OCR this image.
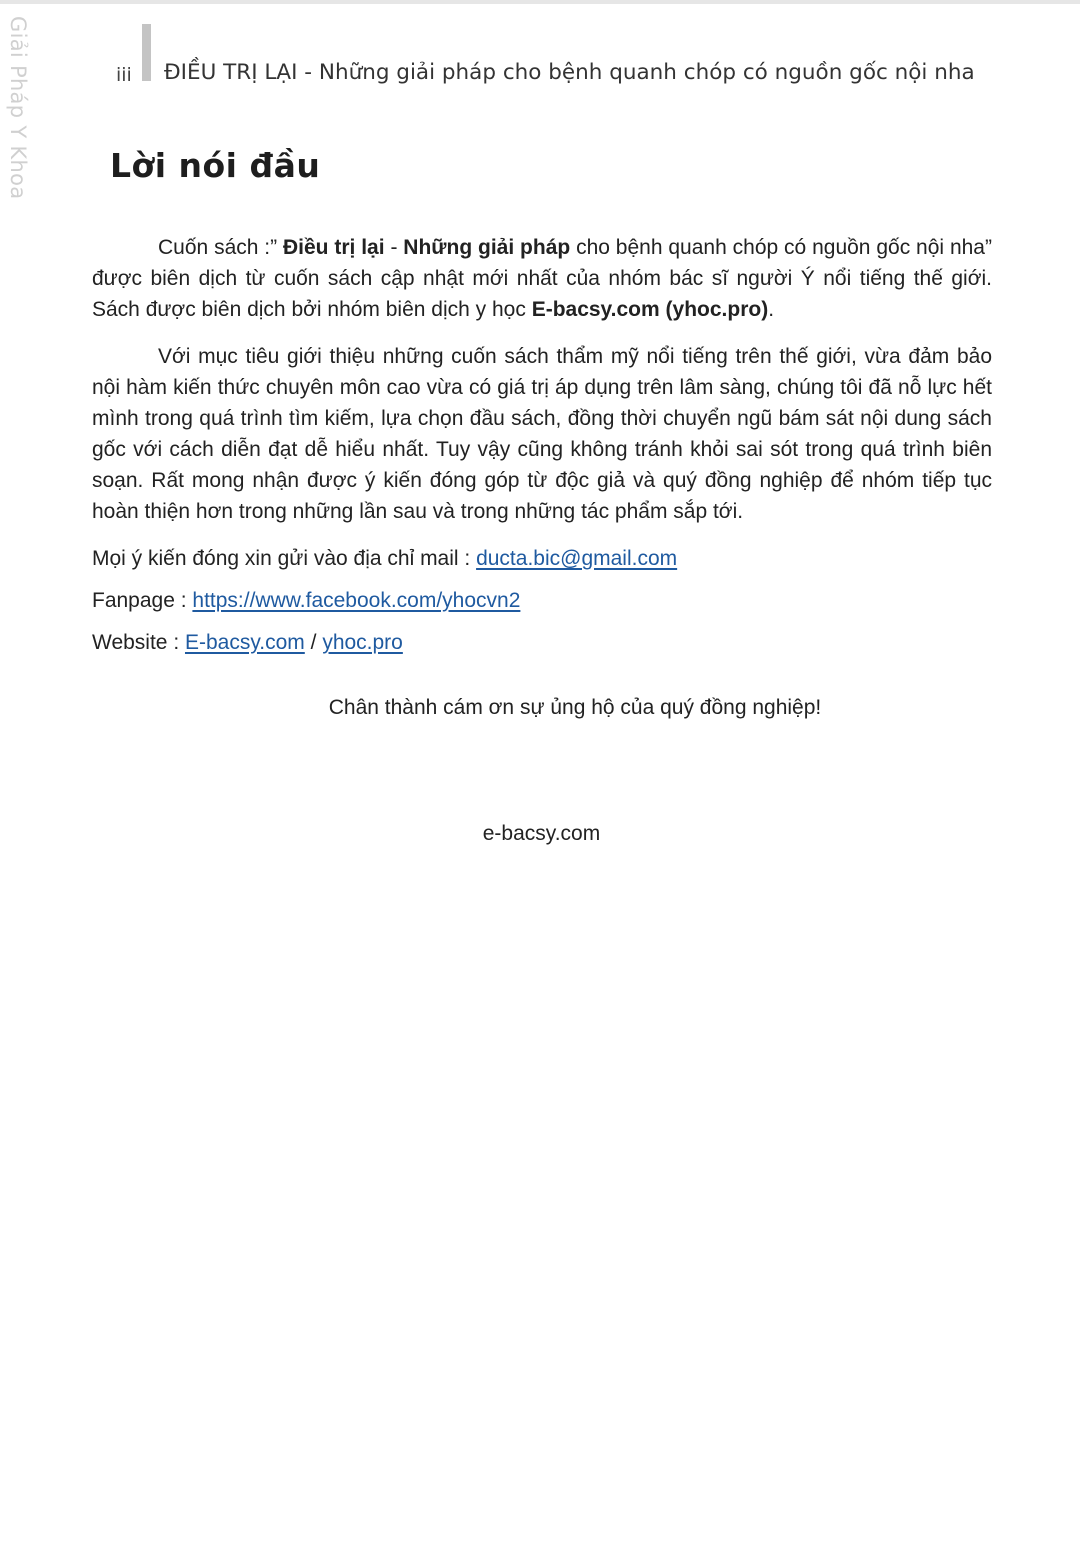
Giải Pháp Y Khoa	iii ĐIỀU TRỊ LẠI - Những giải pháp cho bệnh quanh chóp có nguồn gốc nội nha
Lời nói đầu

Cuốn sách :” Điều trị lại - Những giải pháp cho bệnh quanh chóp có nguồn gốc nội nha” được biên dịch từ cuốn sách cập nhật mới nhất của nhóm bác sĩ người Ý nổi tiếng thế giới. Sách được biên dịch bởi nhóm biên dịch y học E-bacsy.com (yhoc.pro).

Với mục tiêu giới thiệu những cuốn sách thẩm mỹ nổi tiếng trên thế giới, vừa đảm bảo nội hàm kiến thức chuyên môn cao vừa có giá trị áp dụng trên lâm sàng, chúng tôi đã nỗ lực hết mình trong quá trình tìm kiếm, lựa chọn đầu sách, đồng thời chuyển ngũ bám sát nội dung sách gốc với cách diễn đạt dễ hiểu nhất. Tuy vậy cũng không tránh khỏi sai sót trong quá trình biên soạn. Rất mong nhận được ý kiến đóng góp từ độc giả và quý đồng nghiệp để nhóm tiếp tục hoàn thiện hơn trong những lần sau và trong những tác phẩm sắp tới.

Mọi ý kiến đóng xin gửi vào địa chỉ mail : ducta.bic@gmail.com
Fanpage : https://www.facebook.com/yhocvn2
Website : E-bacsy.com / yhoc.pro
Chân thành cám ơn sự ủng hộ của quý đồng nghiệp!
e-bacsy.com
